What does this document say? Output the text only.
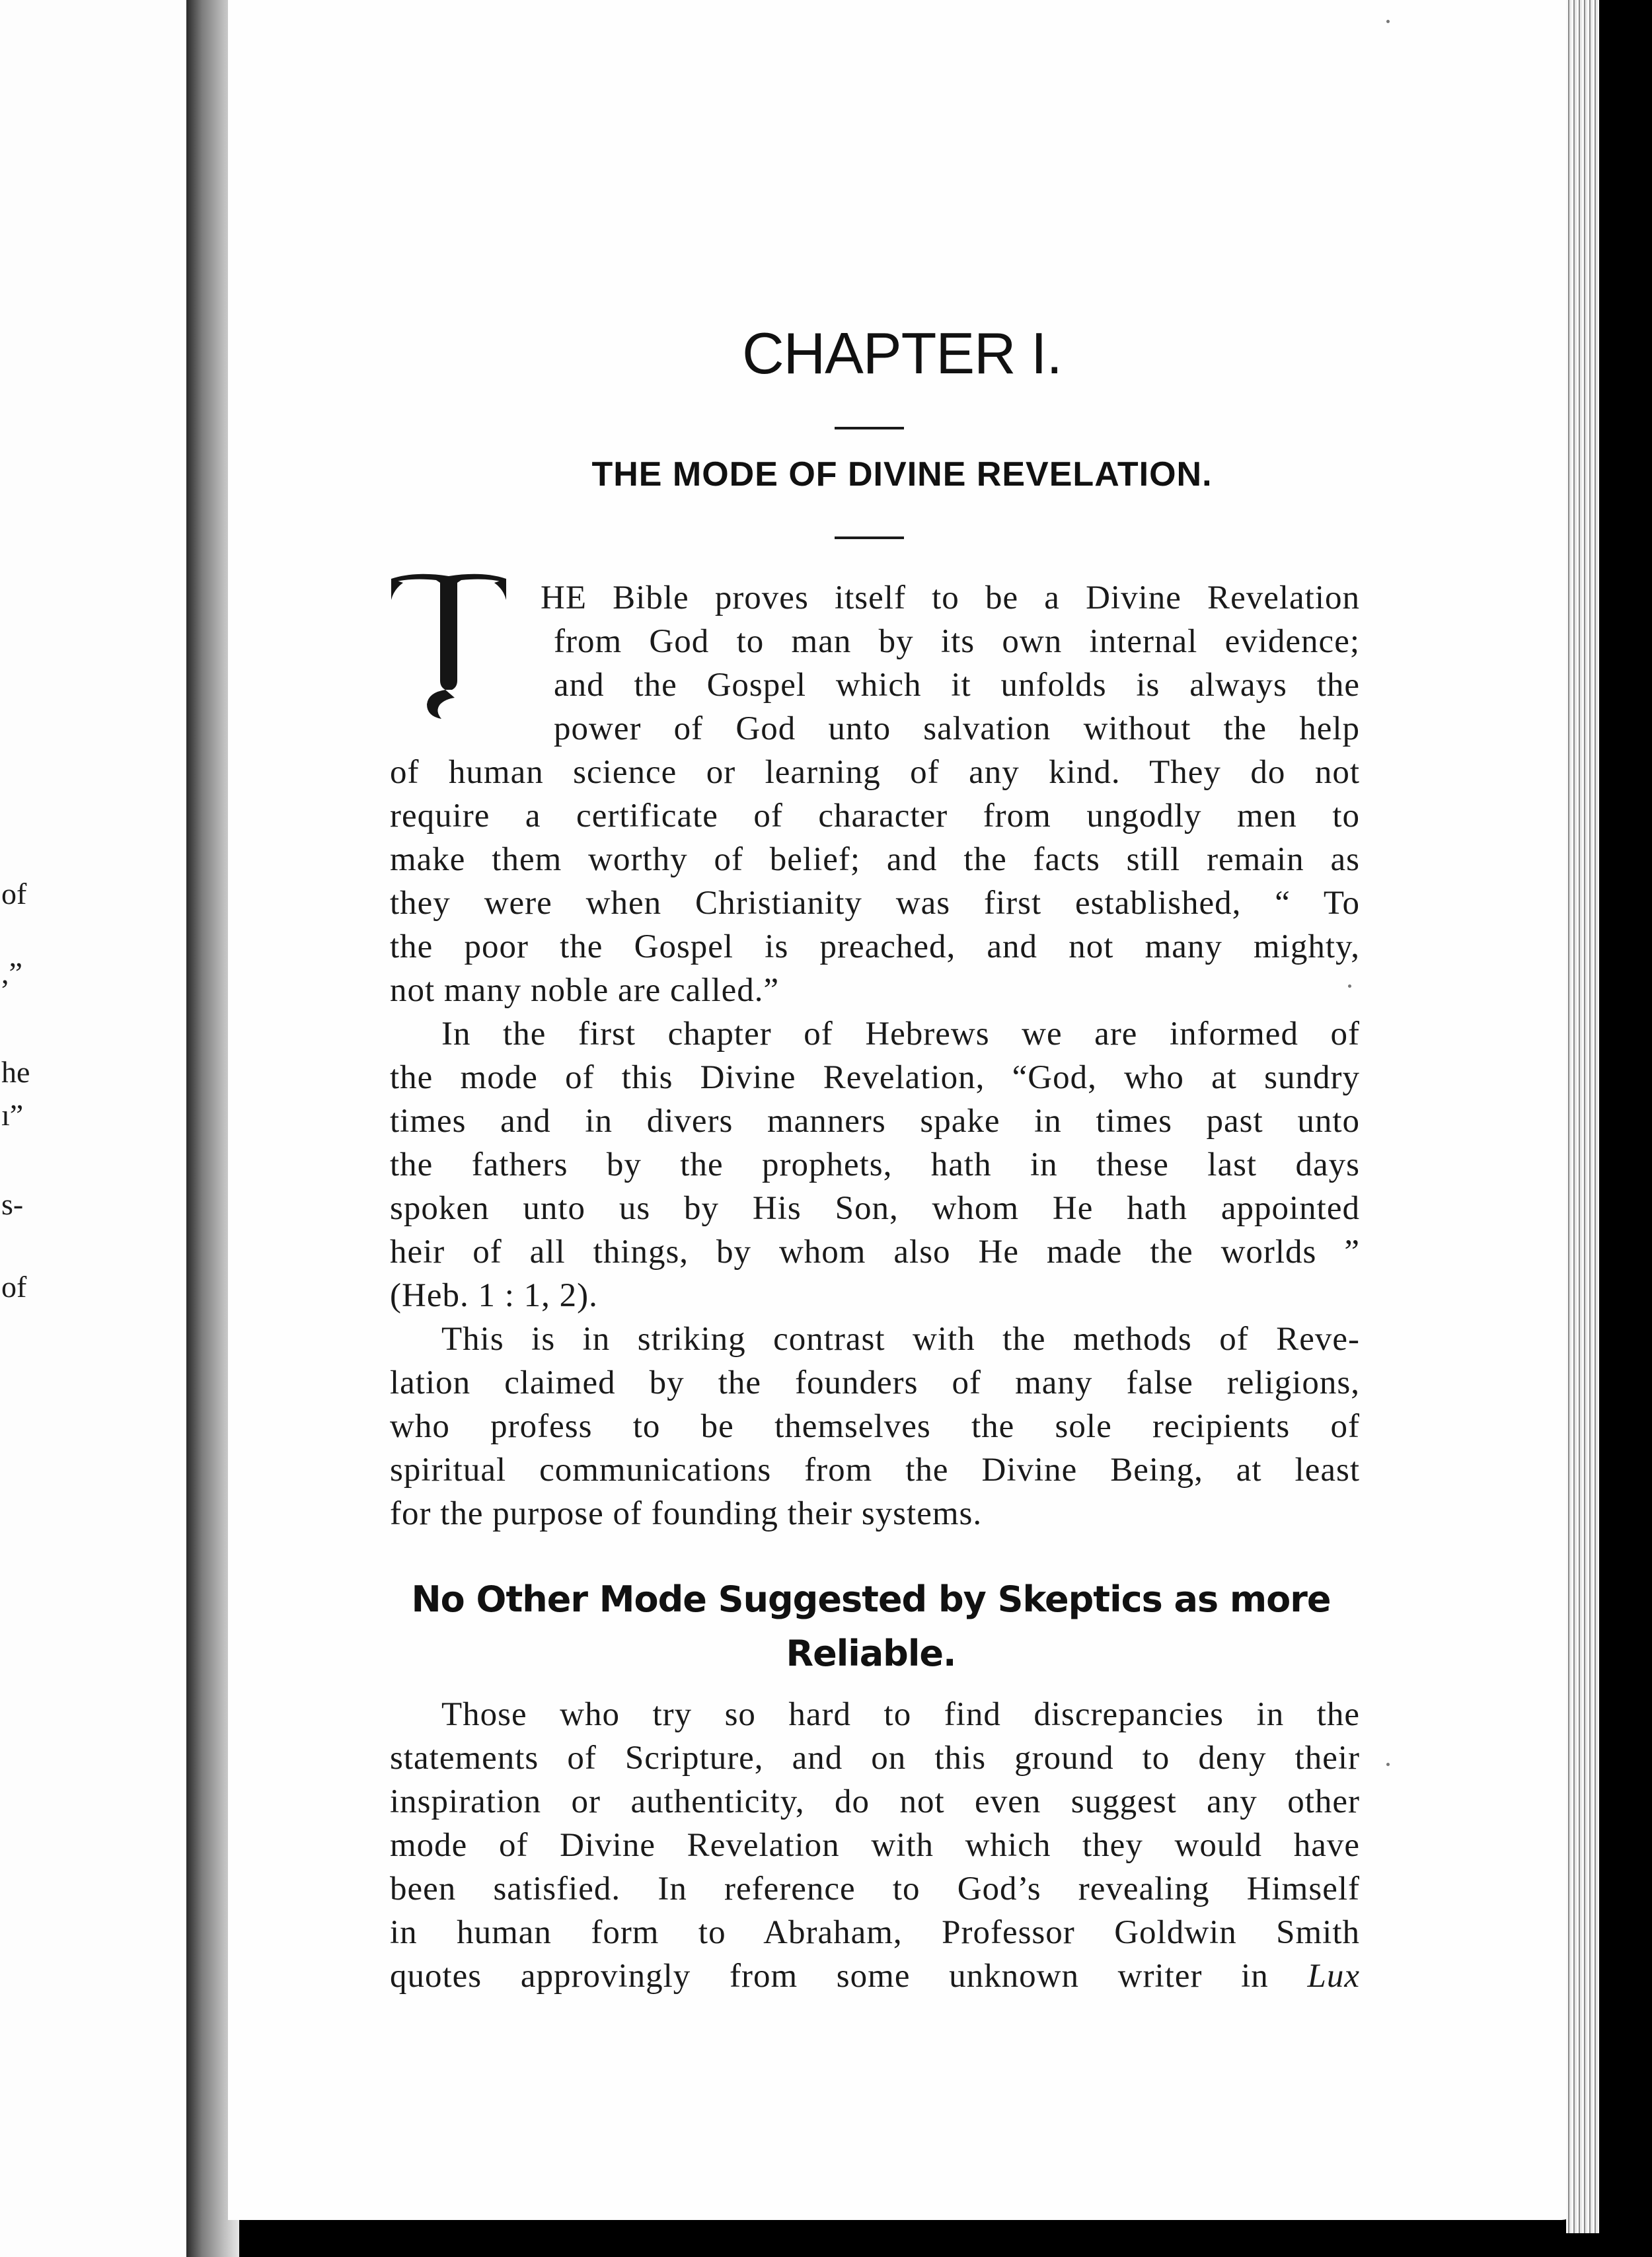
of
,”
he
ı”
s-
of
CHAPTER I.
THE MODE OF DIVINE REVELATION.
HE Bible proves itself to be a Divine Revelation
from God to man by its own internal evidence;
and the Gospel which it unfolds is always the
power of God unto salvation without the help
of human science or learning of any kind. They do not
require a certificate of character from ungodly men to
make them worthy of belief; and the facts still remain as
they were when Christianity was first established, “ To
the poor the Gospel is preached, and not many mighty,
not many noble are called.”
In the first chapter of Hebrews we are informed of
the mode of this Divine Revelation, “God, who at sundry
times and in divers manners spake in times past unto
the fathers by the prophets, hath in these last days
spoken unto us by His Son, whom He hath appointed
heir of all things, by whom also He made the worlds ”
(Heb. 1 : 1, 2).
This is in striking contrast with the methods of Reve-
lation claimed by the founders of many false religions,
who profess to be themselves the sole recipients of
spiritual communications from the Divine Being, at least
for the purpose of founding their systems.
No Other Mode Suggested by Skeptics as more
Reliable.
Those who try so hard to find discrepancies in the
statements of Scripture, and on this ground to deny their
inspiration or authenticity, do not even suggest any other
mode of Divine Revelation with which they would have
been satisfied. In reference to God’s revealing Himself
in human form to Abraham, Professor Goldwin Smith
quotes approvingly from some unknown writer in Lux
